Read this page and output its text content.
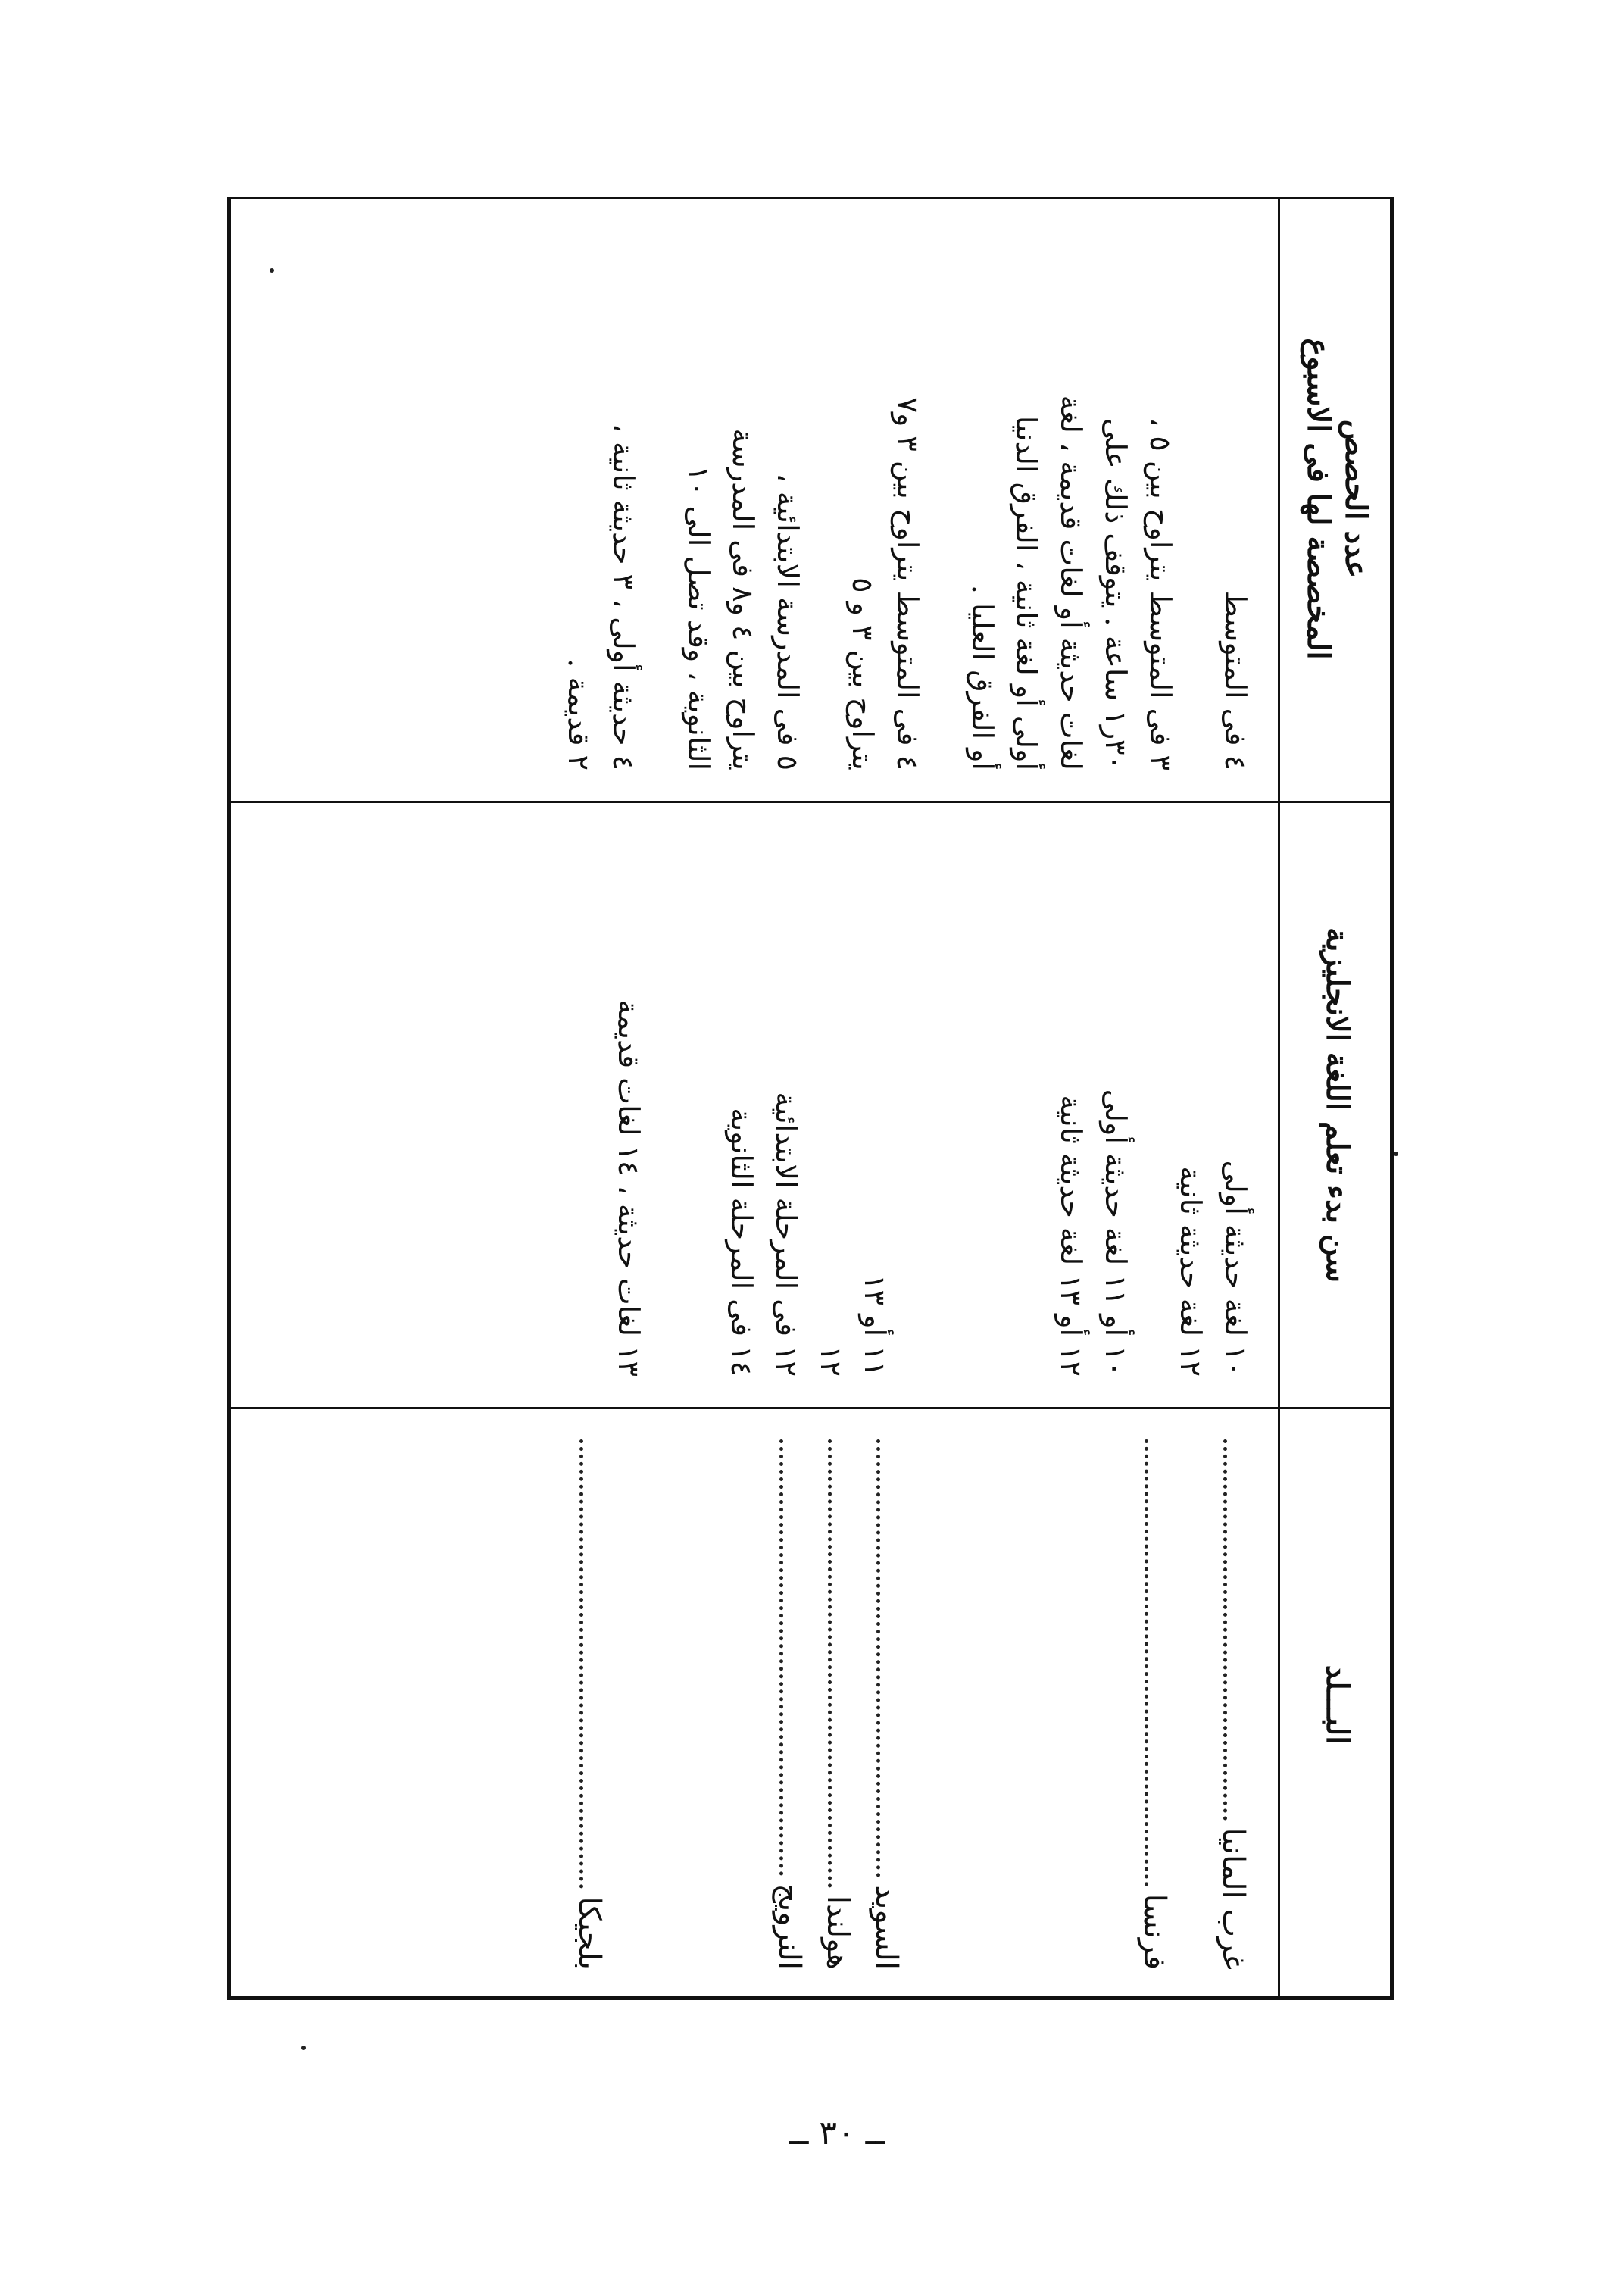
البـــلد
غرب المانيا
فرنسا
السويد
هولندا
النرويج
بلجيكا
سن بدء تعلم اللغة الانجليزية
١٠ لغة حديثة أولى
١٢ لغة حديثة ثانية
١٠ أو ١١ لغة حديثة أولى
١٢ أو ١٣ لغة حديثة ثانية
١١ أو ١٣
١٢
١٢ فى المرحلة الابتدائية
١٤ فى المرحلة الثانوية
١٣ لغات حديثة ، ١٤ لغات قديمة
عدد الحصص
المخصصة لها فى الاسبوع
٤ فى المتوسط
٣ فى المتوسط يتراوح بين ٥ ،
٣٠ر١ ساعة . يتوقف ذلك على
لغات حديثة أو لغات قديمة ، لغة
أولى أو لغة ثانية ، الفرق الدنيا
أو الفرق العليا .
٤ فى المتوسط يتراوح بين ٣ و٧
يتراوح بين ٣ و ٥
٥ فى المدرسة الابتدائية ،
يتراوح بين ٤ و٨ فى المدرسة
الثانوية ، وقد تصل الى ١٠
٤ حديثة أولى ، ٣ حديثة ثانية ،
٢ قديمة .
ــ ٣٠ ــ
